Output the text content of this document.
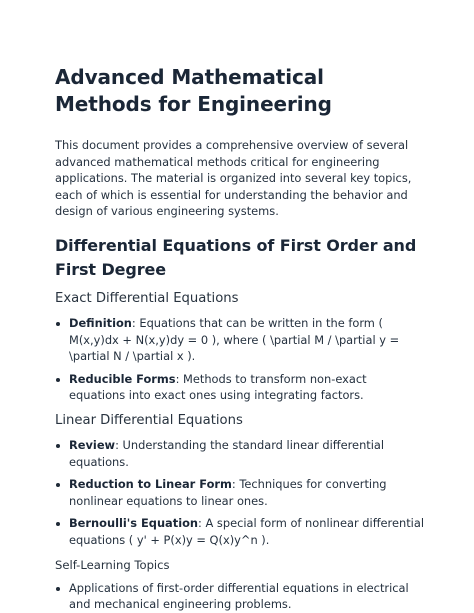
Advanced Mathematical Methods for Engineering

This document provides a comprehensive overview of several advanced mathematical methods critical for engineering applications. The material is organized into several key topics, each of which is essential for understanding the behavior and design of various engineering systems.

Differential Equations of First Order and First Degree
Exact Differential Equations
Definition: Equations that can be written in the form ( M(x,y)dx + N(x,y)dy = 0 ), where ( \partial M / \partial y = \partial N / \partial x ).
Reducible Forms: Methods to transform non-exact equations into exact ones using integrating factors.
Linear Differential Equations
Review: Understanding the standard linear differential equations.
Reduction to Linear Form: Techniques for converting nonlinear equations to linear ones.
Bernoulli's Equation: A special form of nonlinear differential equations ( y' + P(x)y = Q(x)y^n ).
Self-Learning Topics
Applications of first-order differential equations in electrical and mechanical engineering problems.
